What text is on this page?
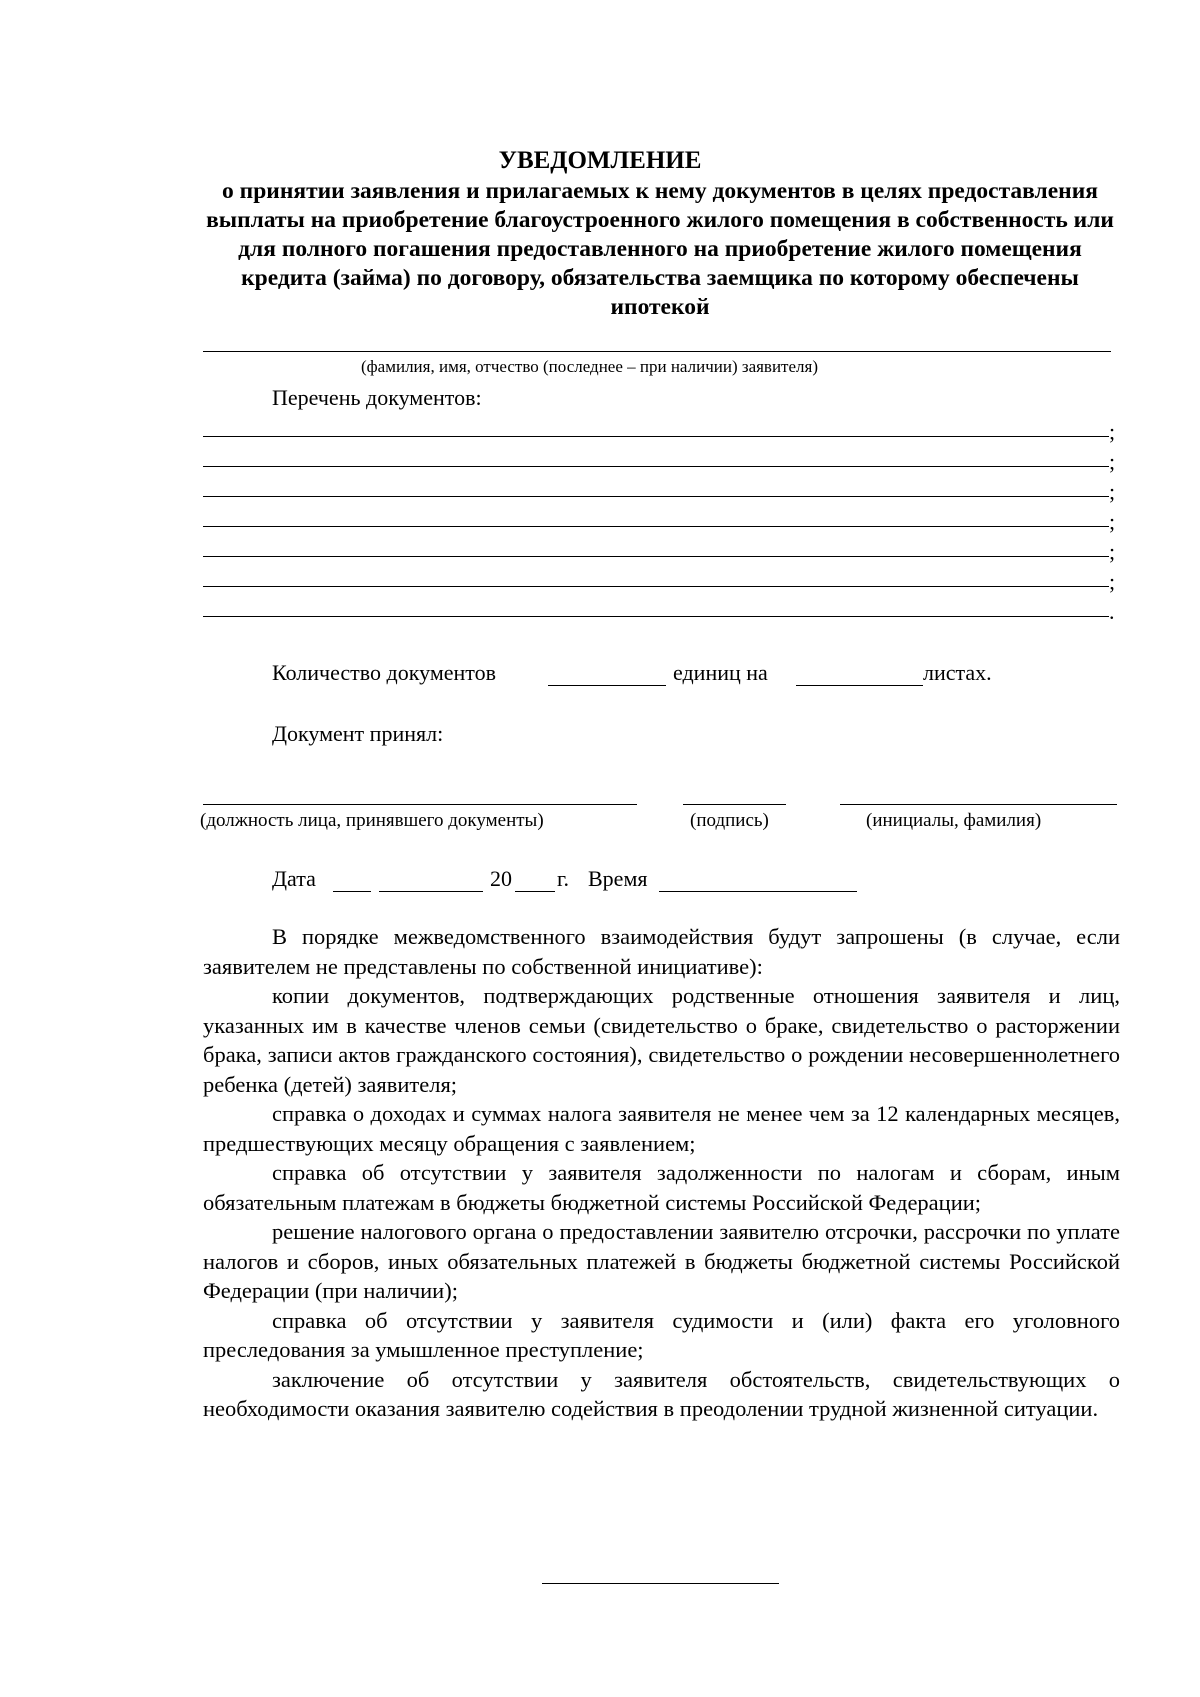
УВЕДОМЛЕНИЕ
о принятии заявления и прилагаемых к нему документов в целях предоставления выплаты на приобретение благоустроенного жилого помещения в собственность или для полного погашения предоставленного на приобретение жилого помещения кредита (займа) по договору, обязательства заемщика по которому обеспечены ипотекой
(фамилия, имя, отчество (последнее – при наличии) заявителя)
Перечень документов:
;
;
;
;
;
;
.
Количество документов	единиц на	листах.
Документ принял:
(должность лица, принявшего документы)	(подпись)	(инициалы, фамилия)
Дата	20 г. Время

В порядке межведомственного взаимодействия будут запрошены (в случае, если заявителем не представлены по собственной инициативе):

копии документов, подтверждающих родственные отношения заявителя и лиц, указанных им в качестве членов семьи (свидетельство о браке, свидетельство о расторжении брака, записи актов гражданского состояния), свидетельство о рождении несовершеннолетнего ребенка (детей) заявителя;

справка о доходах и суммах налога заявителя не менее чем за 12 календарных месяцев, предшествующих месяцу обращения с заявлением;

справка об отсутствии у заявителя задолженности по налогам и сборам, иным обязательным платежам в бюджеты бюджетной системы Российской Федерации;

решение налогового органа о предоставлении заявителю отсрочки, рассрочки по уплате налогов и сборов, иных обязательных платежей в бюджеты бюджетной системы Российской Федерации (при наличии);

справка об отсутствии у заявителя судимости и (или) факта его уголовного преследования за умышленное преступление;

заключение об отсутствии у заявителя обстоятельств, свидетельствующих о необходимости оказания заявителю содействия в преодолении трудной жизненной ситуации.
